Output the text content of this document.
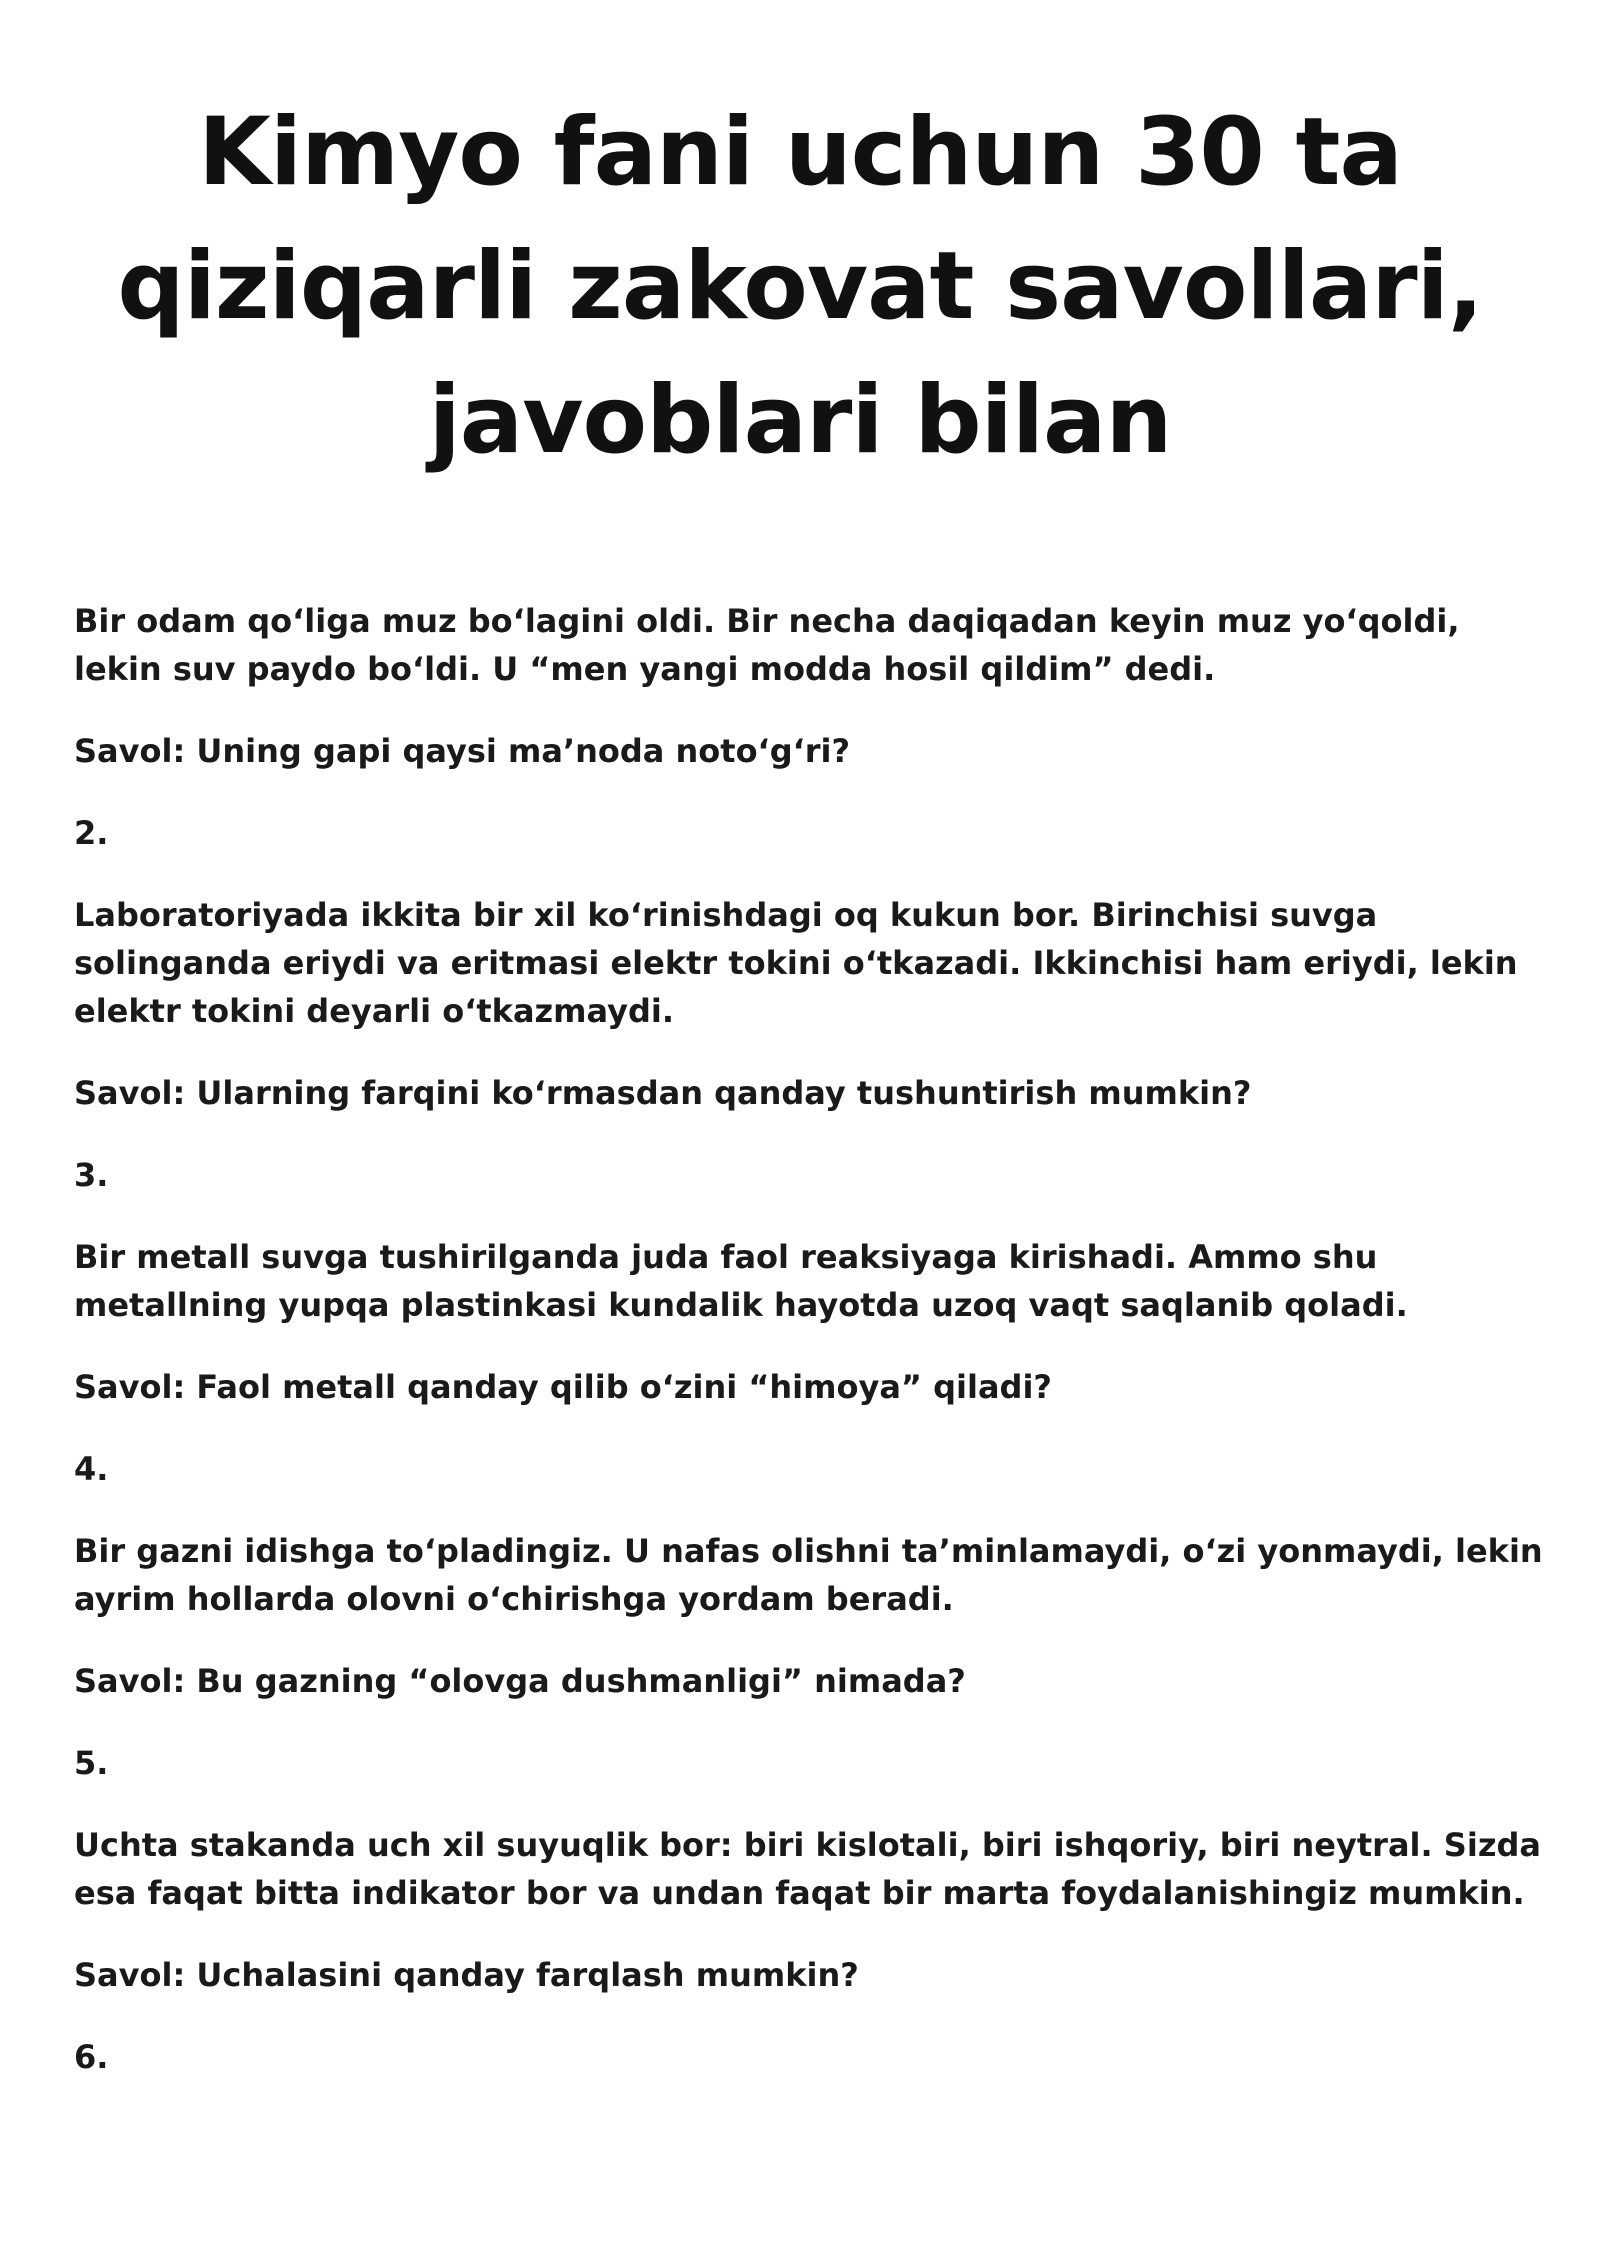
Kimyo fani uchun 30 ta
qiziqarli zakovat savollari,
javoblari bilan

Bir odam qo‘liga muz bo‘lagini oldi. Bir necha daqiqadan keyin muz yo‘qoldi, lekin suv paydo bo‘ldi. U “men yangi modda hosil qildim” dedi.

Savol: Uning gapi qaysi ma’noda noto‘g‘ri?

2.

Laboratoriyada ikkita bir xil ko‘rinishdagi oq kukun bor. Birinchisi suvga solinganda eriydi va eritmasi elektr tokini o‘tkazadi. Ikkinchisi ham eriydi, lekin elektr tokini deyarli o‘tkazmaydi.

Savol: Ularning farqini ko‘rmasdan qanday tushuntirish mumkin?

3.

Bir metall suvga tushirilganda juda faol reaksiyaga kirishadi. Ammo shu metallning yupqa plastinkasi kundalik hayotda uzoq vaqt saqlanib qoladi.

Savol: Faol metall qanday qilib o‘zini “himoya” qiladi?

4.

Bir gazni idishga to‘pladingiz. U nafas olishni ta’minlamaydi, o‘zi yonmaydi, lekin ayrim hollarda olovni o‘chirishga yordam beradi.

Savol: Bu gazning “olovga dushmanligi” nimada?

5.

Uchta stakanda uch xil suyuqlik bor: biri kislotali, biri ishqoriy, biri neytral. Sizda esa faqat bitta indikator bor va undan faqat bir marta foydalanishingiz mumkin.

Savol: Uchalasini qanday farqlash mumkin?

6.
